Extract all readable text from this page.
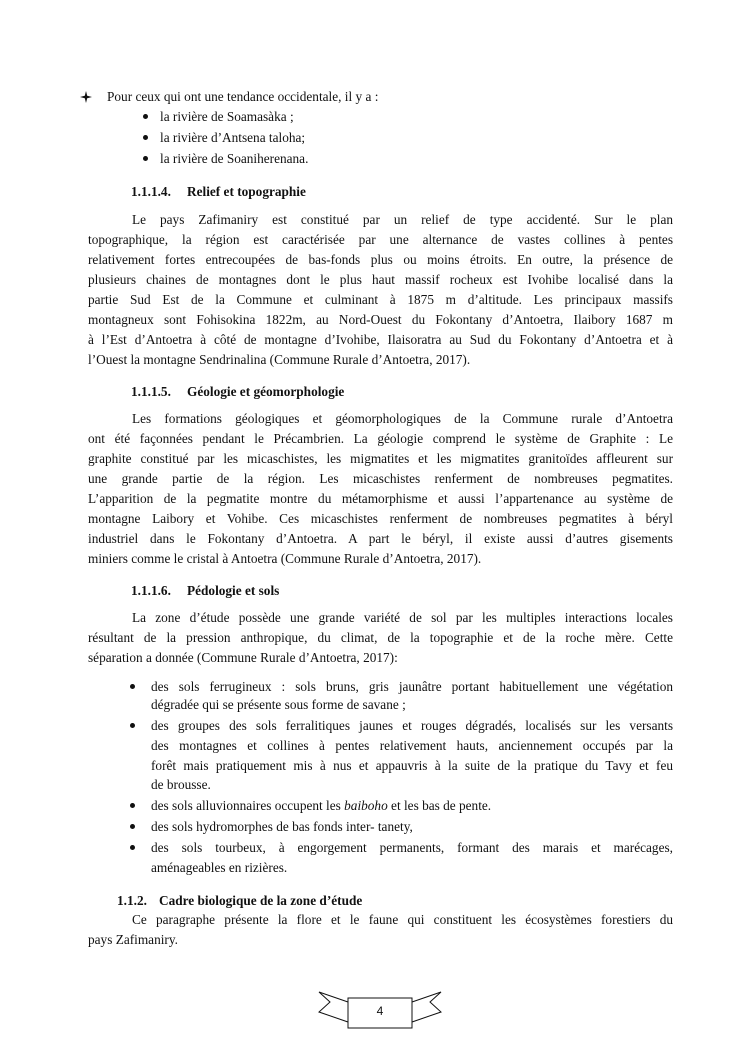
Pour ceux qui ont une tendance occidentale, il y a :
la rivière de Soamasàka ;
la rivière d’Antsena taloha;
la rivière de Soaniherenana.
1.1.1.4. Relief et topographie
Le pays Zafimaniry est constitué par un relief de type accidenté. Sur le plan
topographique, la région est caractérisée par une alternance de vastes collines à pentes
relativement fortes entrecoupées de bas-fonds plus ou moins étroits. En outre, la présence de
plusieurs chaines de montagnes dont le plus haut massif rocheux est Ivohibe localisé dans la
partie Sud Est de la Commune et culminant à 1875 m d’altitude. Les principaux massifs
montagneux sont Fohisokina 1822m, au Nord-Ouest du Fokontany d’Antoetra, Ilaibory 1687 m
à l’Est d’Antoetra à côté de montagne d’Ivohibe, Ilaisoratra au Sud du Fokontany d’Antoetra et à
l’Ouest la montagne Sendrinalina (Commune Rurale d’Antoetra, 2017).
1.1.1.5. Géologie et géomorphologie
Les formations géologiques et géomorphologiques de la Commune rurale d’Antoetra
ont été façonnées pendant le Précambrien. La géologie comprend le système de Graphite : Le
graphite constitué par les micaschistes, les migmatites et les migmatites granitoïdes affleurent sur
une grande partie de la région. Les micaschistes renferment de nombreuses pegmatites.
L’apparition de la pegmatite montre du métamorphisme et aussi l’appartenance au système de
montagne Laibory et Vohibe. Ces micaschistes renferment de nombreuses pegmatites à béryl
industriel dans le Fokontany d’Antoetra. A part le béryl, il existe aussi d’autres gisements
miniers comme le cristal à Antoetra (Commune Rurale d’Antoetra, 2017).
1.1.1.6. Pédologie et sols
La zone d’étude possède une grande variété de sol par les multiples interactions locales
résultant de la pression anthropique, du climat, de la topographie et de la roche mère. Cette
séparation a donnée (Commune Rurale d’Antoetra, 2017):
des sols ferrugineux : sols bruns, gris jaunâtre portant habituellement une végétation
dégradée qui se présente sous forme de savane ;
des groupes des sols ferralitiques jaunes et rouges dégradés, localisés sur les versants
des montagnes et collines à pentes relativement hauts, anciennement occupés par la
forêt mais pratiquement mis à nus et appauvris à la suite de la pratique du Tavy et feu
de brousse.
des sols alluvionnaires occupent les baiboho et les bas de pente.
des sols hydromorphes de bas fonds inter- tanety,
des sols tourbeux, à engorgement permanents, formant des marais et marécages,
aménageables en rizières.
1.1.2. Cadre biologique de la zone d’étude
Ce paragraphe présente la flore et le faune qui constituent les écosystèmes forestiers du
pays Zafimaniry.
4
